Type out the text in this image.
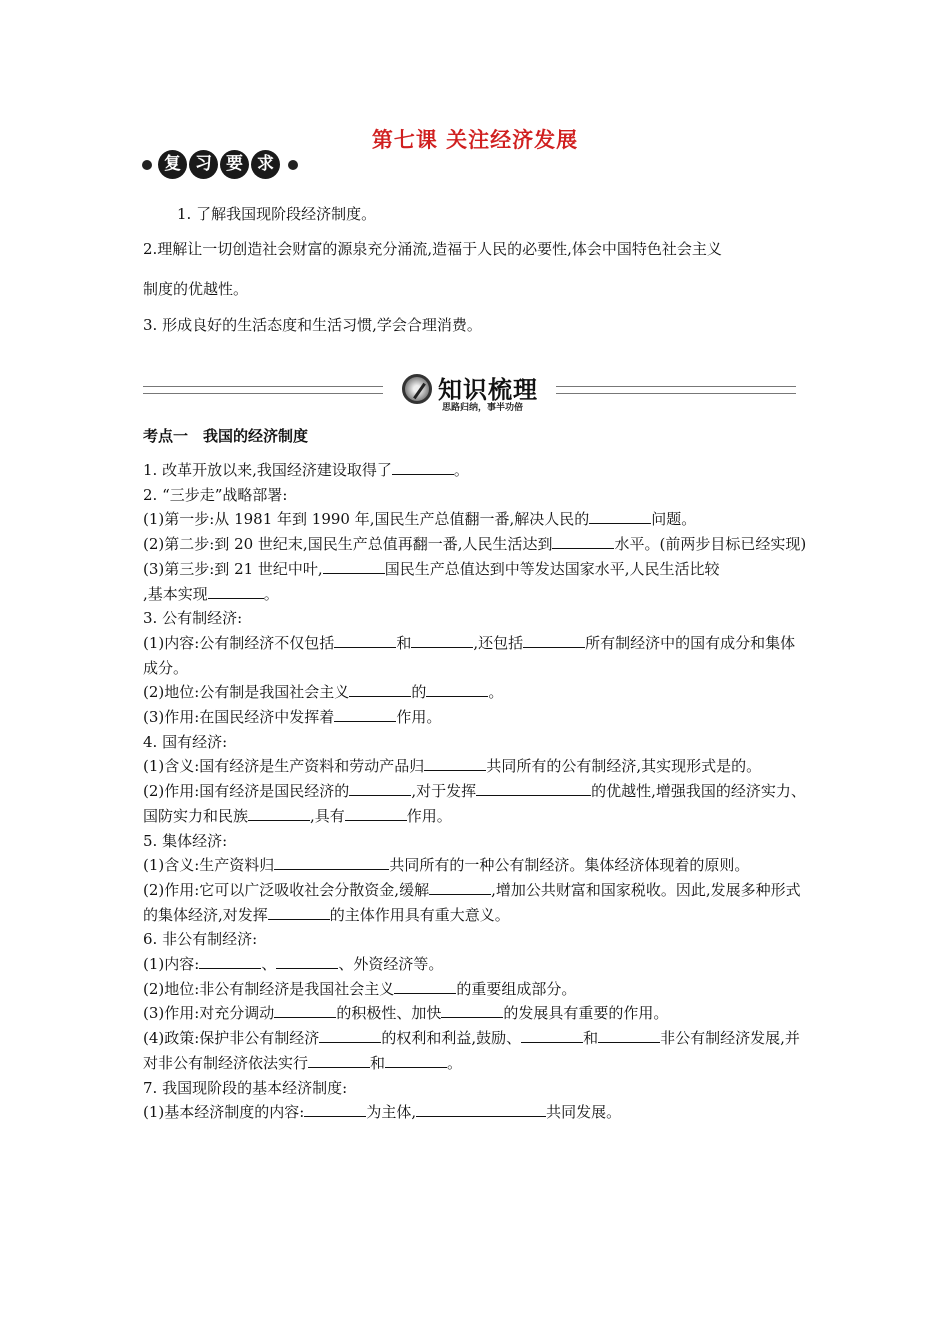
第七课 关注经济发展
复 习 要 求
1. 了解我国现阶段经济制度。
2.理解让一切创造社会财富的源泉充分涌流,造福于人民的必要性,体会中国特色社会主义
制度的优越性。
3. 形成良好的生活态度和生活习惯,学会合理消费。
知识梳理
思路归纳，事半功倍
考点一　我国的经济制度

1. 改革开放以来,我国经济建设取得了	。

2. “三步走”战略部署:

(1)第一步:从 1981 年到 1990 年,国民生产总值翻一番,解决人民的	问题。

(2)第二步:到 20 世纪末,国民生产总值再翻一番,人民生活达到	水平。(前两步目标已经实现)

(3)第三步:到 21 世纪中叶,	国民生产总值达到中等发达国家水平,人民生活比较
,基本实现	。

3. 公有制经济:

(1)内容:公有制经济不仅包括	和	,还包括	所有制经济中的国有成分和集体成分。

(2)地位:公有制是我国社会主义	的	。

(3)作用:在国民经济中发挥着	作用。

4. 国有经济:

(1)含义:国有经济是生产资料和劳动产品归	共同所有的公有制经济,其实现形式是的。

(2)作用:国有经济是国民经济的	,对于发挥	的优越性,增强我国的经济实力、国防实力和民族	,具有	作用。

5. 集体经济:

(1)含义:生产资料归	共同所有的一种公有制经济。集体经济体现着的原则。

(2)作用:它可以广泛吸收社会分散资金,缓解	,增加公共财富和国家税收。因此,发展多种形式的集体经济,对发挥	的主体作用具有重大意义。

6. 非公有制经济:

(1)内容:	、	、外资经济等。

(2)地位:非公有制经济是我国社会主义	的重要组成部分。

(3)作用:对充分调动	的积极性、加快	的发展具有重要的作用。

(4)政策:保护非公有制经济	的权利和利益,鼓励、	和	非公有制经济发展,并对非公有制经济依法实行	和	。

7. 我国现阶段的基本经济制度:

(1)基本经济制度的内容:	为主体,	共同发展。
